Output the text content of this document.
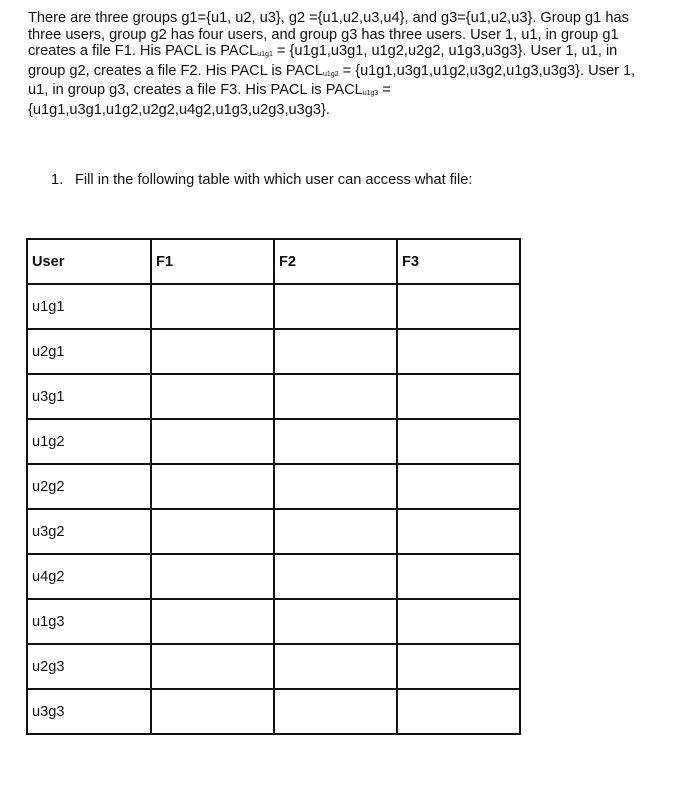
There are three groups g1={u1, u2, u3}, g2 ={u1,u2,u3,u4}, and g3={u1,u2,u3}. Group g1 has three users, group g2 has four users, and group g3 has three users. User 1, u1, in group g1 creates a file F1. His PACL is $PACL_{u1g1} = \{u1g1,u3g1$, u1g2,u2g2, u1g3,u3g3}. User 1, u1, in group g2, creates a file F2. His PACL is $PACL_{u1g2} = \{u1g1,u3g1,u1g2,u3g2,u1g3,u3g3\}$. User 1, u1, in group g3, creates a file F3. His PACL is $PACL_{u1g3} = \{u1g1,u3g1,u1g2,u2g2,u4g2,u1g3,u2g3,u3g3\}$.

1. Fill in the following table with which user can access what file:

User	F1	F2	F3
u1g1			
u2g1			
u3g1			
u1g2			
u2g2			
u3g2			
u4g2			
u1g3			
u2g3			
u3g3			
